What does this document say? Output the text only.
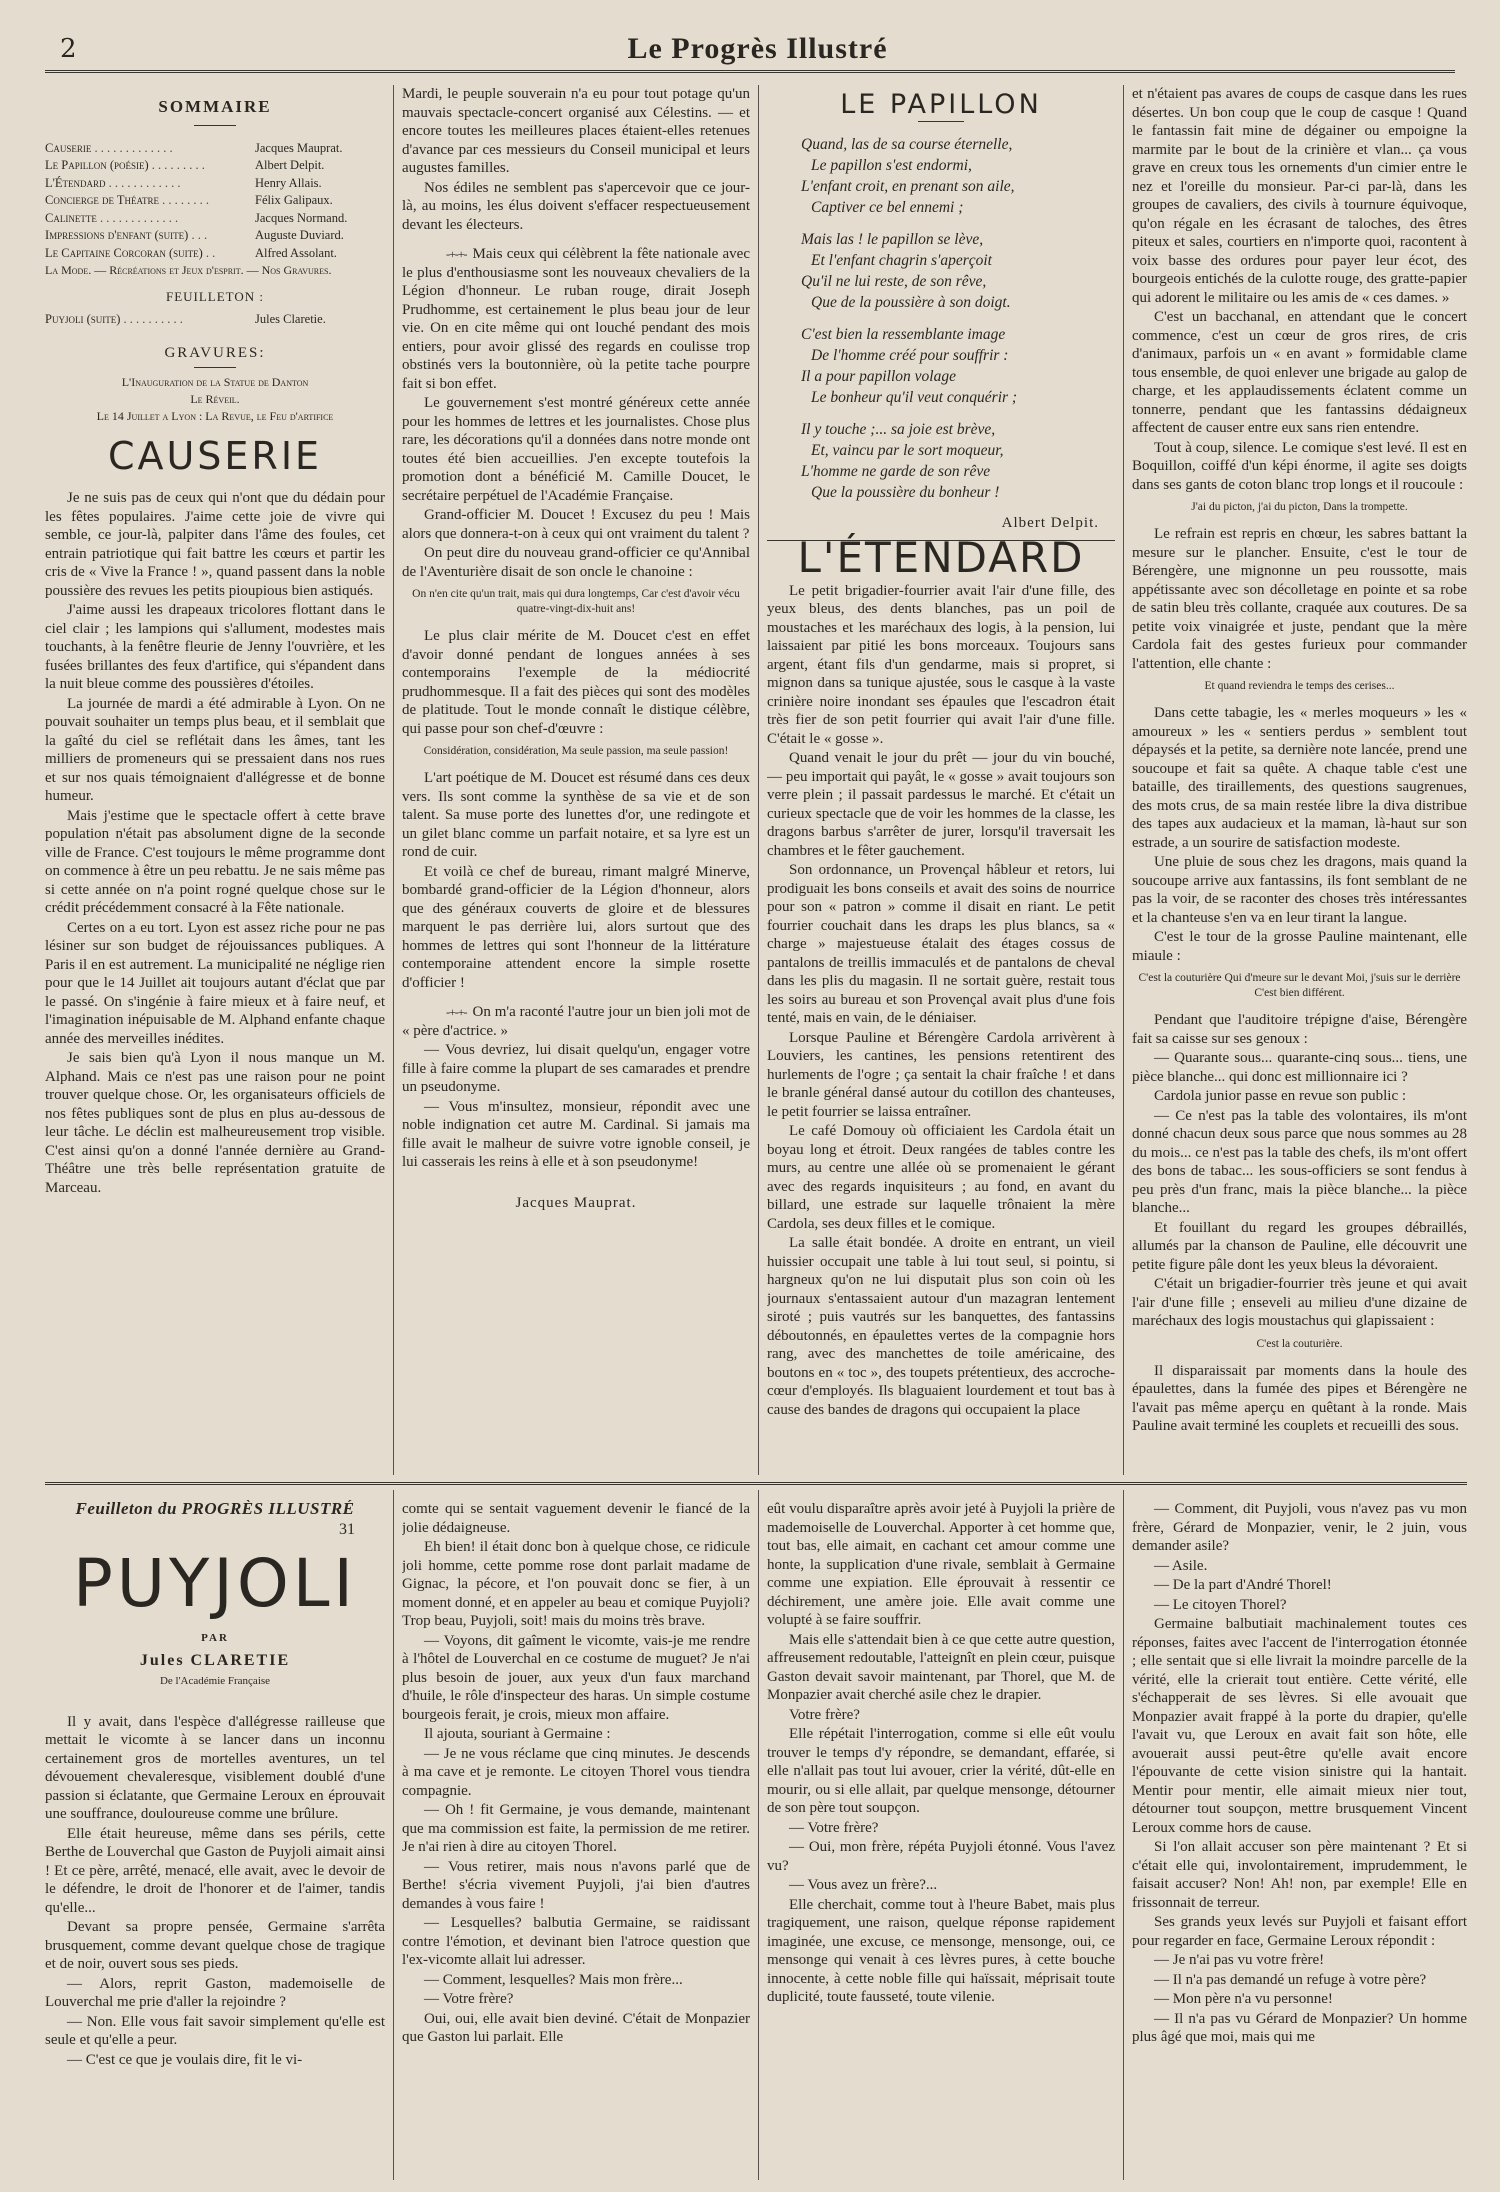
2	Le Progrès Illustré
SOMMAIRE
Causerie . . . . . . . . . . . . .	Jacques Mauprat.
Le Papillon (poésie) . . . . . . . . .	Albert Delpit.
L'Étendard . . . . . . . . . . . .	Henry Allais.
Concierge de Théatre . . . . . . . .	Félix Galipaux.
Calinette . . . . . . . . . . . . .	Jacques Normand.
Impressions d'enfant (suite) . . .	Auguste Duviard.
Le Capitaine Corcoran (suite) . .	Alfred Assolant.
La Mode. — Récréations et Jeux d'esprit. — Nos Gravures.
FEUILLETON :
Puyjoli (suite) . . . . . . . . . .	Jules Claretie.
GRAVURES:
L'Inauguration de la Statue de Danton
Le Réveil.
Le 14 Juillet a Lyon : La Revue, le Feu d'artifice
CAUSERIE

Je ne suis pas de ceux qui n'ont que du dédain pour les fêtes populaires. J'aime cette joie de vivre qui semble, ce jour-là, palpiter dans l'âme des foules, cet entrain patriotique qui fait battre les cœurs et partir les cris de « Vive la France ! », quand passent dans la noble poussière des revues les petits pioupious bien astiqués.

J'aime aussi les drapeaux tricolores flottant dans le ciel clair ; les lampions qui s'allument, modestes mais touchants, à la fenêtre fleurie de Jenny l'ouvrière, et les fusées brillantes des feux d'artifice, qui s'épandent dans la nuit bleue comme des poussières d'étoiles.

La journée de mardi a été admirable à Lyon. On ne pouvait souhaiter un temps plus beau, et il semblait que la gaîté du ciel se reflétait dans les âmes, tant les milliers de promeneurs qui se pressaient dans nos rues et sur nos quais témoignaient d'allégresse et de bonne humeur.

Mais j'estime que le spectacle offert à cette brave population n'était pas absolument digne de la seconde ville de France. C'est toujours le même programme dont on commence à être un peu rebattu. Je ne sais même pas si cette année on n'a point rogné quelque chose sur le crédit précédemment consacré à la Fête nationale.

Certes on a eu tort. Lyon est assez riche pour ne pas lésiner sur son budget de réjouissances publiques. A Paris il en est autrement. La municipalité ne néglige rien pour que le 14 Juillet ait toujours autant d'éclat que par le passé. On s'ingénie à faire mieux et à faire neuf, et l'imagination inépuisable de M. Alphand enfante chaque année des merveilles inédites.

Je sais bien qu'à Lyon il nous manque un M. Alphand. Mais ce n'est pas une raison pour ne point trouver quelque chose. Or, les organisateurs officiels de nos fêtes publiques sont de plus en plus au-dessous de leur tâche. Le déclin est malheureusement trop visible. C'est ainsi qu'on a donné l'année dernière au Grand-Théâtre une très belle représentation gratuite de Marceau.

Mardi, le peuple souverain n'a eu pour tout potage qu'un mauvais spectacle-concert organisé aux Célestins. — et encore toutes les meilleures places étaient-elles retenues d'avance par ces messieurs du Conseil municipal et leurs augustes familles.

Nos édiles ne semblent pas s'apercevoir que ce jour-là, au moins, les élus doivent s'effacer respectueusement devant les électeurs.

-+-+- Mais ceux qui célèbrent la fête nationale avec le plus d'enthousiasme sont les nouveaux chevaliers de la Légion d'honneur. Le ruban rouge, dirait Joseph Prudhomme, est certainement le plus beau jour de leur vie. On en cite même qui ont louché pendant des mois entiers, pour avoir glissé des regards en coulisse trop obstinés vers la boutonnière, où la petite tache pourpre fait si bon effet.

Le gouvernement s'est montré généreux cette année pour les hommes de lettres et les journalistes. Chose plus rare, les décorations qu'il a données dans notre monde ont toutes été bien accueillies. J'en excepte toutefois la promotion dont a bénéficié M. Camille Doucet, le secrétaire perpétuel de l'Académie Française.

Grand-officier M. Doucet ! Excusez du peu ! Mais alors que donnera-t-on à ceux qui ont vraiment du talent ?

On peut dire du nouveau grand-officier ce qu'Annibal de l'Aventurière disait de son oncle le chanoine :

On n'en cite qu'un trait, mais qui dura longtemps, Car c'est d'avoir vécu quatre-vingt-dix-huit ans!

Le plus clair mérite de M. Doucet c'est en effet d'avoir donné pendant de longues années à ses contemporains l'exemple de la médiocrité prudhommesque. Il a fait des pièces qui sont des modèles de platitude. Tout le monde connaît le distique célèbre, qui passe pour son chef-d'œuvre :

Considération, considération, Ma seule passion, ma seule passion!

L'art poétique de M. Doucet est résumé dans ces deux vers. Ils sont comme la synthèse de sa vie et de son talent. Sa muse porte des lunettes d'or, une redingote et un gilet blanc comme un parfait notaire, et sa lyre est un rond de cuir.

Et voilà ce chef de bureau, rimant malgré Minerve, bombardé grand-officier de la Légion d'honneur, alors que des généraux couverts de gloire et de blessures marquent le pas derrière lui, alors surtout que des hommes de lettres qui sont l'honneur de la littérature contemporaine attendent encore la simple rosette d'officier !

-+-+- On m'a raconté l'autre jour un bien joli mot de « père d'actrice. »

— Vous devriez, lui disait quelqu'un, engager votre fille à faire comme la plupart de ses camarades et prendre un pseudonyme.

— Vous m'insultez, monsieur, répondit avec une noble indignation cet autre M. Cardinal. Si jamais ma fille avait le malheur de suivre votre ignoble conseil, je lui casserais les reins à elle et à son pseudonyme!

Jacques Mauprat.
LE PAPILLON
Quand, las de sa course éternelle,
Le papillon s'est endormi,
L'enfant croit, en prenant son aile,
Captiver ce bel ennemi ;
Mais las ! le papillon se lève,
Et l'enfant chagrin s'aperçoit
Qu'il ne lui reste, de son rêve,
Que de la poussière à son doigt.
C'est bien la ressemblante image
De l'homme créé pour souffrir :
Il a pour papillon volage
Le bonheur qu'il veut conquérir ;
Il y touche ;... sa joie est brève,
Et, vaincu par le sort moqueur,
L'homme ne garde de son rêve
Que la poussière du bonheur !
Albert Delpit.
L'ÉTENDARD

Le petit brigadier-fourrier avait l'air d'une fille, des yeux bleus, des dents blanches, pas un poil de moustaches et les maréchaux des logis, à la pension, lui laissaient par pitié les bons morceaux. Toujours sans argent, étant fils d'un gendarme, mais si propret, si mignon dans sa tunique ajustée, sous le casque à la vaste crinière noire inondant ses épaules que l'escadron était très fier de son petit fourrier qui avait l'air d'une fille. C'était le « gosse ».

Quand venait le jour du prêt — jour du vin bouché, — peu importait qui payât, le « gosse » avait toujours son verre plein ; il passait pardessus le marché. Et c'était un curieux spectacle que de voir les hommes de la classe, les dragons barbus s'arrêter de jurer, lorsqu'il traversait les chambres et le fêter gauchement.

Son ordonnance, un Provençal hâbleur et retors, lui prodiguait les bons conseils et avait des soins de nourrice pour son « patron » comme il disait en riant. Le petit fourrier couchait dans les draps les plus blancs, sa « charge » majestueuse étalait des étages cossus de pantalons de treillis immaculés et de pantalons de cheval dans les plis du magasin. Il ne sortait guère, restait tous les soirs au bureau et son Provençal avait plus d'une fois tenté, mais en vain, de le déniaiser.

Lorsque Pauline et Bérengère Cardola arrivèrent à Louviers, les cantines, les pensions retentirent des hurlements de l'ogre ; ça sentait la chair fraîche ! et dans le branle général dansé autour du cotillon des chanteuses, le petit fourrier se laissa entraîner.

Le café Domouy où officiaient les Cardola était un boyau long et étroit. Deux rangées de tables contre les murs, au centre une allée où se promenaient le gérant avec des regards inquisiteurs ; au fond, en avant du billard, une estrade sur laquelle trônaient la mère Cardola, ses deux filles et le comique.

La salle était bondée. A droite en entrant, un vieil huissier occupait une table à lui tout seul, si pointu, si hargneux qu'on ne lui disputait plus son coin où les journaux s'entassaient autour d'un mazagran lentement siroté ; puis vautrés sur les banquettes, des fantassins déboutonnés, en épaulettes vertes de la compagnie hors rang, avec des manchettes de toile américaine, des boutons en « toc », des toupets prétentieux, des accroche-cœur d'employés. Ils blaguaient lourdement et tout bas à cause des bandes de dragons qui occupaient la place

et n'étaient pas avares de coups de casque dans les rues désertes. Un bon coup que le coup de casque ! Quand le fantassin fait mine de dégainer ou empoigne la marmite par le bout de la crinière et vlan... ça vous grave en creux tous les ornements d'un cimier entre le nez et l'oreille du monsieur. Par-ci par-là, dans les groupes de cavaliers, des civils à tournure équivoque, qu'on régale en les écrasant de taloches, des êtres piteux et sales, courtiers en n'importe quoi, racontent à voix basse des ordures pour payer leur écot, des bourgeois entichés de la culotte rouge, des gratte-papier qui adorent le militaire ou les amis de « ces dames. »

C'est un bacchanal, en attendant que le concert commence, c'est un cœur de gros rires, de cris d'animaux, parfois un « en avant » formidable clame tous ensemble, de quoi enlever une brigade au galop de charge, et les applaudissements éclatent comme un tonnerre, pendant que les fantassins dédaigneux affectent de causer entre eux sans rien entendre.

Tout à coup, silence. Le comique s'est levé. Il est en Boquillon, coiffé d'un képi énorme, il agite ses doigts dans ses gants de coton blanc trop longs et il roucoule :

J'ai du picton, j'ai du picton, Dans la trompette.

Le refrain est repris en chœur, les sabres battant la mesure sur le plancher. Ensuite, c'est le tour de Bérengère, une mignonne un peu roussotte, mais appétissante avec son décolletage en pointe et sa robe de satin bleu très collante, craquée aux coutures. De sa petite voix vinaigrée et juste, pendant que la mère Cardola fait des gestes furieux pour commander l'attention, elle chante :

Et quand reviendra le temps des cerises...

Dans cette tabagie, les « merles moqueurs » les « amoureux » les « sentiers perdus » semblent tout dépaysés et la petite, sa dernière note lancée, prend une soucoupe et fait sa quête. A chaque table c'est une bataille, des tiraillements, des questions saugrenues, des mots crus, de sa main restée libre la diva distribue des tapes aux audacieux et la maman, là-haut sur son estrade, a un sourire de satisfaction modeste.

Une pluie de sous chez les dragons, mais quand la soucoupe arrive aux fantassins, ils font semblant de ne pas la voir, de se raconter des choses très intéressantes et la chanteuse s'en va en leur tirant la langue.

C'est le tour de la grosse Pauline maintenant, elle miaule :

C'est la couturière Qui d'meure sur le devant Moi, j'suis sur le derrière C'est bien différent.

Pendant que l'auditoire trépigne d'aise, Bérengère fait sa caisse sur ses genoux :

— Quarante sous... quarante-cinq sous... tiens, une pièce blanche... qui donc est millionnaire ici ?

Cardola junior passe en revue son public :

— Ce n'est pas la table des volontaires, ils m'ont donné chacun deux sous parce que nous sommes au 28 du mois... ce n'est pas la table des chefs, ils m'ont offert des bons de tabac... les sous-officiers se sont fendus à peu près d'un franc, mais la pièce blanche... la pièce blanche...

Et fouillant du regard les groupes débraillés, allumés par la chanson de Pauline, elle découvrit une petite figure pâle dont les yeux bleus la dévoraient.

C'était un brigadier-fourrier très jeune et qui avait l'air d'une fille ; enseveli au milieu d'une dizaine de maréchaux des logis moustachus qui glapissaient :

C'est la couturière.

Il disparaissait par moments dans la houle des épaulettes, dans la fumée des pipes et Bérengère ne l'avait pas même aperçu en quêtant à la ronde. Mais Pauline avait terminé les couplets et recueilli des sous.

Feuilleton du PROGRÈS ILLUSTRÉ
31
PUYJOLI
PAR
Jules CLARETIE
De l'Académie Française

Il y avait, dans l'espèce d'allégresse railleuse que mettait le vicomte à se lancer dans un inconnu certainement gros de mortelles aventures, un tel dévouement chevaleresque, visiblement doublé d'une passion si éclatante, que Germaine Leroux en éprouvait une souffrance, douloureuse comme une brûlure.

Elle était heureuse, même dans ses périls, cette Berthe de Louverchal que Gaston de Puyjoli aimait ainsi ! Et ce père, arrêté, menacé, elle avait, avec le devoir de le défendre, le droit de l'honorer et de l'aimer, tandis qu'elle...

Devant sa propre pensée, Germaine s'arrêta brusquement, comme devant quelque chose de tragique et de noir, ouvert sous ses pieds.

— Alors, reprit Gaston, mademoiselle de Louverchal me prie d'aller la rejoindre ?

— Non. Elle vous fait savoir simplement qu'elle est seule et qu'elle a peur.

— C'est ce que je voulais dire, fit le vi-

comte qui se sentait vaguement devenir le fiancé de la jolie dédaigneuse.

Eh bien! il était donc bon à quelque chose, ce ridicule joli homme, cette pomme rose dont parlait madame de Gignac, la pécore, et l'on pouvait donc se fier, à un moment donné, et en appeler au beau et comique Puyjoli? Trop beau, Puyjoli, soit! mais du moins très brave.

— Voyons, dit gaîment le vicomte, vais-je me rendre à l'hôtel de Louverchal en ce costume de muguet? Je n'ai plus besoin de jouer, aux yeux d'un faux marchand d'huile, le rôle d'inspecteur des haras. Un simple costume bourgeois ferait, je crois, mieux mon affaire.

Il ajouta, souriant à Germaine :

— Je ne vous réclame que cinq minutes. Je descends à ma cave et je remonte. Le citoyen Thorel vous tiendra compagnie.

— Oh ! fit Germaine, je vous demande, maintenant que ma commission est faite, la permission de me retirer. Je n'ai rien à dire au citoyen Thorel.

— Vous retirer, mais nous n'avons parlé que de Berthe! s'écria vivement Puyjoli, j'ai bien d'autres demandes à vous faire !

— Lesquelles? balbutia Germaine, se raidissant contre l'émotion, et devinant bien l'atroce question que l'ex-vicomte allait lui adresser.

— Comment, lesquelles? Mais mon frère...

— Votre frère?

Oui, oui, elle avait bien deviné. C'était de Monpazier que Gaston lui parlait. Elle

eût voulu disparaître après avoir jeté à Puyjoli la prière de mademoiselle de Louverchal. Apporter à cet homme que, tout bas, elle aimait, en cachant cet amour comme une honte, la supplication d'une rivale, semblait à Germaine comme une expiation. Elle éprouvait à ressentir ce déchirement, une amère joie. Elle avait comme une volupté à se faire souffrir.

Mais elle s'attendait bien à ce que cette autre question, affreusement redoutable, l'atteignît en plein cœur, puisque Gaston devait savoir maintenant, par Thorel, que M. de Monpazier avait cherché asile chez le drapier.

Votre frère?

Elle répétait l'interrogation, comme si elle eût voulu trouver le temps d'y répondre, se demandant, effarée, si elle n'allait pas tout lui avouer, crier la vérité, dût-elle en mourir, ou si elle allait, par quelque mensonge, détourner de son père tout soupçon.

— Votre frère?

— Oui, mon frère, répéta Puyjoli étonné. Vous l'avez vu?

— Vous avez un frère?...

Elle cherchait, comme tout à l'heure Babet, mais plus tragiquement, une raison, quelque réponse rapidement imaginée, une excuse, ce mensonge, mensonge, oui, ce mensonge qui venait à ces lèvres pures, à cette bouche innocente, à cette noble fille qui haïssait, méprisait toute duplicité, toute fausseté, toute vilenie.

— Comment, dit Puyjoli, vous n'avez pas vu mon frère, Gérard de Monpazier, venir, le 2 juin, vous demander asile?

— Asile.

— De la part d'André Thorel!

— Le citoyen Thorel?

Germaine balbutiait machinalement toutes ces réponses, faites avec l'accent de l'interrogation étonnée ; elle sentait que si elle livrait la moindre parcelle de la vérité, elle la crierait tout entière. Cette vérité, elle s'échapperait de ses lèvres. Si elle avouait que Monpazier avait frappé à la porte du drapier, qu'elle l'avait vu, que Leroux en avait fait son hôte, elle avouerait aussi peut-être qu'elle avait encore l'épouvante de cette vision sinistre qui la hantait. Mentir pour mentir, elle aimait mieux nier tout, détourner tout soupçon, mettre brusquement Vincent Leroux comme hors de cause.

Si l'on allait accuser son père maintenant ? Et si c'était elle qui, involontairement, imprudemment, le faisait accuser? Non! Ah! non, par exemple! Elle en frissonnait de terreur.

Ses grands yeux levés sur Puyjoli et faisant effort pour regarder en face, Germaine Leroux répondit :

— Je n'ai pas vu votre frère!

— Il n'a pas demandé un refuge à votre père?

— Mon père n'a vu personne!

— Il n'a pas vu Gérard de Monpazier? Un homme plus âgé que moi, mais qui me
